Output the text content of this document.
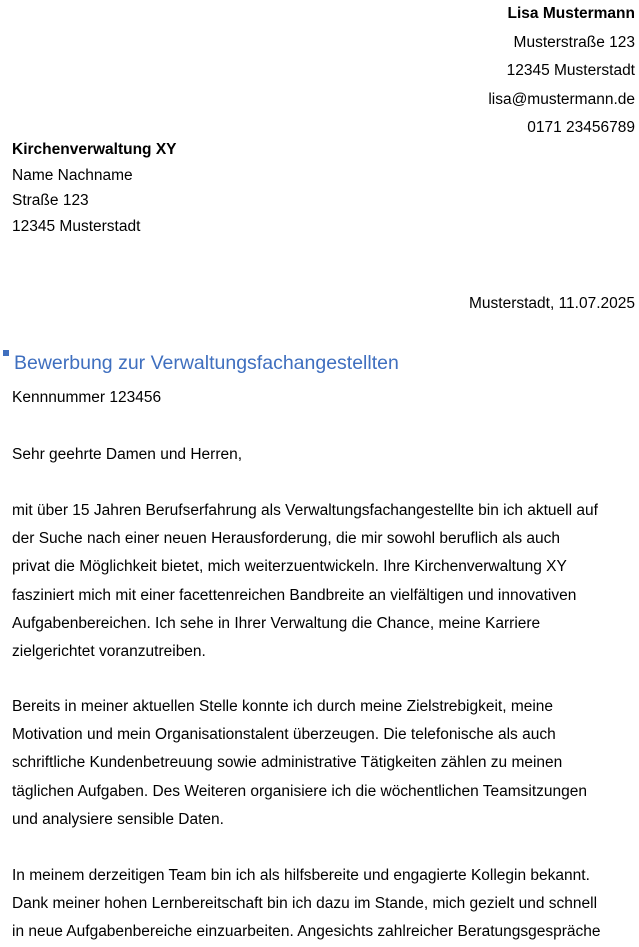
Lisa Mustermann
Musterstraße 123
12345 Musterstadt
lisa@mustermann.de
0171 23456789
Kirchenverwaltung XY
Name Nachname
Straße 123
12345 Musterstadt
Musterstadt, 11.07.2025
Bewerbung zur Verwaltungsfachangestellten
Kennnummer 123456
Sehr geehrte Damen und Herren,

mit über 15 Jahren Berufserfahrung als Verwaltungsfachangestellte bin ich aktuell auf
der Suche nach einer neuen Herausforderung, die mir sowohl beruflich als auch
privat die Möglichkeit bietet, mich weiterzuentwickeln. Ihre Kirchenverwaltung XY
fasziniert mich mit einer facettenreichen Bandbreite an vielfältigen und innovativen
Aufgabenbereichen. Ich sehe in Ihrer Verwaltung die Chance, meine Karriere
zielgerichtet voranzutreiben.

Bereits in meiner aktuellen Stelle konnte ich durch meine Zielstrebigkeit, meine
Motivation und mein Organisationstalent überzeugen. Die telefonische als auch
schriftliche Kundenbetreuung sowie administrative Tätigkeiten zählen zu meinen
täglichen Aufgaben. Des Weiteren organisiere ich die wöchentlichen Teamsitzungen
und analysiere sensible Daten.

In meinem derzeitigen Team bin ich als hilfsbereite und engagierte Kollegin bekannt.
Dank meiner hohen Lernbereitschaft bin ich dazu im Stande, mich gezielt und schnell
in neue Aufgabenbereiche einzuarbeiten. Angesichts zahlreicher Beratungsgespräche
